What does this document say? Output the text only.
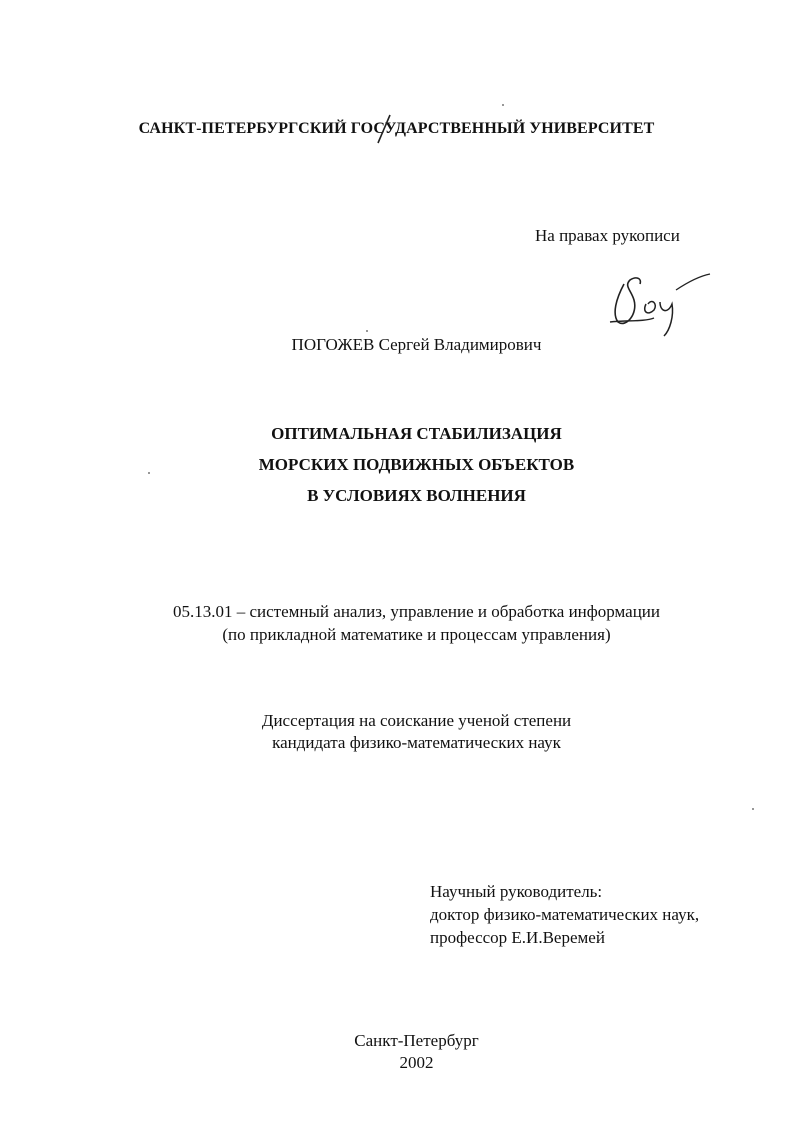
САНКТ-ПЕТЕРБУРГСКИЙ ГОСУДАРСТВЕННЫЙ УНИВЕРСИТЕТ
На правах рукописи
ПОГОЖЕВ Сергей Владимирович
ОПТИМАЛЬНАЯ СТАБИЛИЗАЦИЯ
МОРСКИХ ПОДВИЖНЫХ ОБЪЕКТОВ
В УСЛОВИЯХ ВОЛНЕНИЯ
05.13.01 – системный анализ, управление и обработка информации
(по прикладной математике и процессам управления)
Диссертация на соискание ученой степени
кандидата физико-математических наук
Научный руководитель:
доктор физико-математических наук,
профессор Е.И.Веремей
Санкт-Петербург
2002
